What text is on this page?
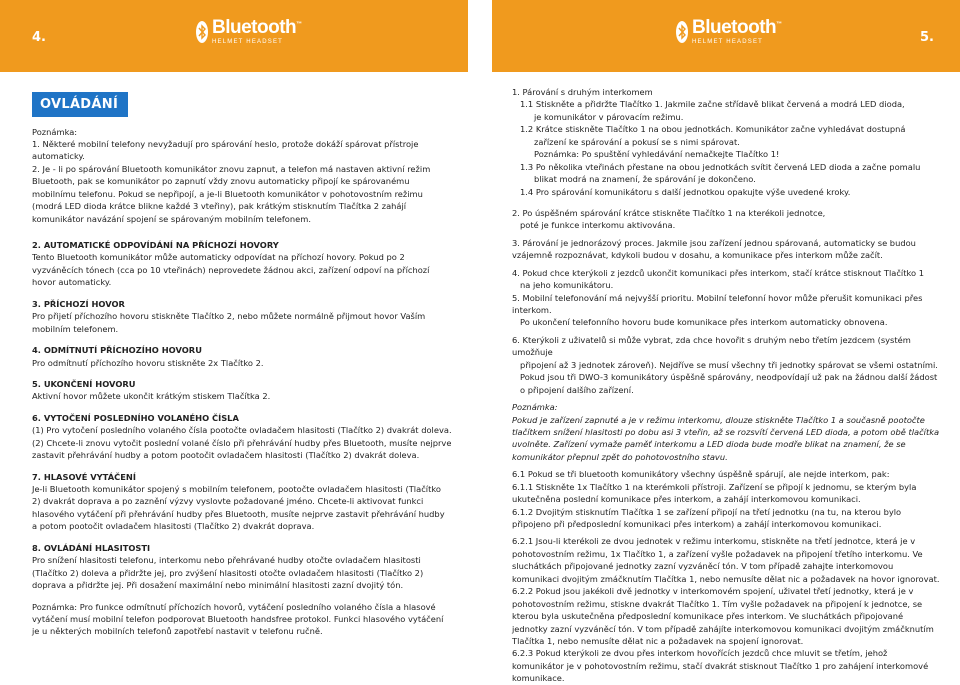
4.	Bluetooth™
HELMET HEADSET
Bluetooth™
HELMET HEADSET	5.
OVLÁDÁNÍ

Poznámka:

1. Některé mobilní telefony nevyžadují pro spárování heslo, protože dokáží spárovat přístroje automaticky.

2. Je - li po spárování Bluetooth komunikátor znovu zapnut, a telefon má nastaven aktivní režim Bluetooth, pak se komunikátor po zapnutí vždy znovu automaticky připojí ke spárovanému mobilnímu telefonu. Pokud se nepřipojí, a je-li Bluetooth komunikátor v pohotovostním režimu (modrá LED dioda krátce blikne každé 3 vteřiny), pak krátkým stisknutím Tlačítka 2 zahájí komunikátor navázání spojení se spárovaným mobilním telefonem.

2. AUTOMATICKÉ ODPOVÍDÁNÍ NA PŘÍCHOZÍ HOVORY

Tento Bluetooth komunikátor může automaticky odpovídat na příchozí hovory. Pokud po 2 vyzváněcích tónech (cca po 10 vteřinách) neprovedete žádnou akci, zařízení odpoví na příchozí hovor automaticky.

3. PŘÍCHOZÍ HOVOR

Pro přijetí příchozího hovoru stiskněte Tlačítko 2, nebo můžete normálně přijmout hovor Vaším mobilním telefonem.

4. ODMÍTNUTÍ PŘÍCHOZÍHO HOVORU

Pro odmítnutí příchozího hovoru stiskněte 2x Tlačítko 2.

5. UKONČENÍ HOVORU

Aktivní hovor můžete ukončit krátkým stiskem Tlačítka 2.

6. VYTOČENÍ POSLEDNÍHO VOLANÉHO ČÍSLA

(1) Pro vytočení posledního volaného čísla pootočte ovladačem hlasitosti (Tlačítko 2) dvakrát doleva.

(2) Chcete-li znovu vytočit poslední volané číslo při přehrávání hudby přes Bluetooth, musíte nejprve zastavit přehrávání hudby a potom pootočit ovladačem hlasitosti (Tlačítko 2) dvakrát doleva.

7. HLASOVÉ VYTÁČENÍ

Je-li Bluetooth komunikátor spojený s mobilním telefonem, pootočte ovladačem hlasitosti (Tlačítko 2) dvakrát doprava a po zaznění výzvy vyslovte požadované jméno. Chcete-li aktivovat funkci hlasového vytáčení při přehrávání hudby přes Bluetooth, musíte nejprve zastavit přehrávání hudby a potom pootočit ovladačem hlasitosti (Tlačítko 2) dvakrát doprava.

8. OVLÁDÁNÍ HLASITOSTI

Pro snížení hlasitosti telefonu, interkomu nebo přehrávané hudby otočte ovladačem hlasitosti (Tlačítko 2) doleva a přidržte jej, pro zvýšení hlasitosti otočte ovladačem hlasitosti (Tlačítko 2) doprava a přidržte jej. Při dosažení maximální nebo minimální hlasitosti zazní dvojitý tón.

Poznámka: Pro funkce odmítnutí příchozích hovorů, vytáčení posledního volaného čísla a hlasové vytáčení musí mobilní telefon podporovat Bluetooth handsfree protokol. Funkci hlasového vytáčení je u některých mobilních telefonů zapotřebí nastavit v telefonu ručně.

1. Párování s druhým interkomem

1.1 Stiskněte a přidržte Tlačítko 1. Jakmile začne střídavě blikat červená a modrá LED dioda,

je komunikátor v párovacím režimu.

1.2 Krátce stiskněte Tlačítko 1 na obou jednotkách. Komunikátor začne vyhledávat dostupná

zařízení ke spárování a pokusí se s nimi spárovat.

Poznámka: Po spuštění vyhledávání nemačkejte Tlačítko 1!

1.3 Po několika vteřinách přestane na obou jednotkách svítit červená LED dioda a začne pomalu

blikat modrá na znamení, že spárování je dokončeno.

1.4 Pro spárování komunikátoru s další jednotkou opakujte výše uvedené kroky.

2. Po úspěšném spárování krátce stiskněte Tlačítko 1 na kterékoli jednotce,

poté je funkce interkomu aktivována.

3. Párování je jednorázový proces. Jakmile jsou zařízení jednou spárovaná, automaticky se budou vzájemně rozpoznávat, kdykoli budou v dosahu, a komunikace přes interkom může začít.

4. Pokud chce kterýkoli z jezdců ukončit komunikaci přes interkom, stačí krátce stisknout Tlačítko 1

na jeho komunikátoru.

5. Mobilní telefonování má nejvyšší prioritu. Mobilní telefonní hovor může přerušit komunikaci přes interkom.

Po ukončení telefonního hovoru bude komunikace přes interkom automaticky obnovena.

6. Kterýkoli z uživatelů si může vybrat, zda chce hovořit s druhým nebo třetím jezdcem (systém umožňuje

připojení až 3 jednotek zároveň). Nejdříve se musí všechny tři jednotky spárovat se všemi ostatními.

Pokud jsou tři DWO-3 komunikátory úspěšně spárovány, neodpovídají už pak na žádnou další žádost

o připojení dalšího zařízení.

Poznámka:

Pokud je zařízení zapnuté a je v režimu interkomu, dlouze stiskněte Tlačítko 1 a současně pootočte tlačítkem snížení hlasitosti po dobu asi 3 vteřin, až se rozsvítí červená LED dioda, a potom obě tlačítka uvolněte. Zařízení vymaže paměť interkomu a LED dioda bude modře blikat na znamení, že se komunikátor přepnul zpět do pohotovostního stavu.

6.1 Pokud se tři bluetooth komunikátory všechny úspěšně spárují, ale nejde interkom, pak:

6.1.1 Stiskněte 1x Tlačítko 1 na kterémkoli přístroji. Zařízení se připojí k jednomu, se kterým byla ukutečněna poslední komunikace přes interkom, a zahájí interkomovou komunikaci.

6.1.2 Dvojitým stisknutím Tlačítka 1 se zařízení připojí na třetí jednotku (na tu, na kterou bylo připojeno při předposlední komunikaci přes interkom) a zahájí interkomovou komunikaci.

6.2.1 Jsou-li kterékoli ze dvou jednotek v režimu interkomu, stiskněte na třetí jednotce, která je v pohotovostním režimu, 1x Tlačítko 1, a zařízení vyšle požadavek na připojení třetího interkomu. Ve sluchátkách připojované jednotky zazní vyzváněcí tón. V tom případě zahajte interkomovou komunikaci dvojitým zmáčknutím Tlačítka 1, nebo nemusíte dělat nic a požadavek na hovor ignorovat.

6.2.2 Pokud jsou jakékoli dvě jednotky v interkomovém spojení, uživatel třetí jednotky, která je v pohotovostním režimu, stiskne dvakrát Tlačítko 1. Tím vyšle požadavek na připojení k jednotce, se kterou byla uskutečněna předposlední komunikace přes interkom. Ve sluchátkách připojované jednotky zazní vyzváněcí tón. V tom případě zahájíte interkomovou komunikaci dvojitým zmáčknutím Tlačítka 1, nebo nemusíte dělat nic a požadavek na spojení ignorovat.

6.2.3 Pokud kterýkoli ze dvou přes interkom hovořících jezdců chce mluvit se třetím, jehož komunikátor je v pohotovostním režimu, stačí dvakrát stisknout Tlačítko 1 pro zahájení interkomové komunikace.
